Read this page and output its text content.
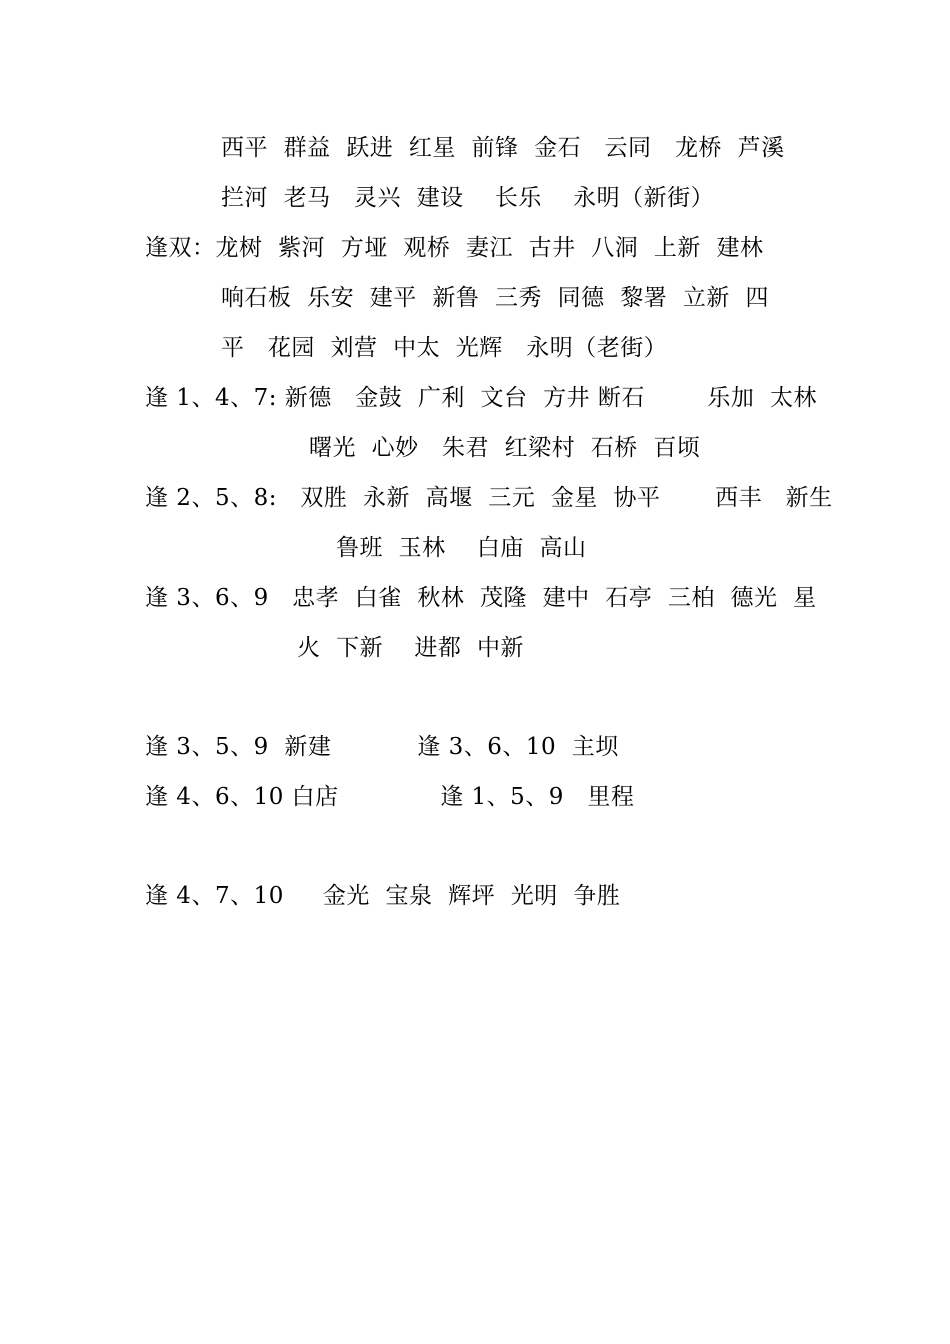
西平  群益  跃进  红星  前锋  金石   云同   龙桥  芦溪
拦河  老马   灵兴  建设    长乐    永明（新街）
逢双：龙树  紫河  方垭  观桥  妻江  古井  八洞  上新  建林
响石板  乐安  建平  新鲁  三秀  同德  黎署  立新  四
平   花园  刘营  中太  光辉   永明（老街）
逢 1、4、7: 新德   金鼓  广利  文台  方井 断石        乐加  太林
曙光  心妙   朱君  红梁村  石桥  百顷
逢 2、5、8:   双胜  永新  高堰  三元  金星  协平       西丰   新生
鲁班  玉林    白庙  高山
逢 3、6、9   忠孝  白雀  秋林  茂隆  建中  石亭  三柏  德光  星
火  下新    进都  中新
逢 3、5、9  新建           逢 3、6、10  主坝
逢 4、6、10 白店             逢 1、5、9   里程
逢 4、7、10     金光  宝泉  辉坪  光明  争胜
